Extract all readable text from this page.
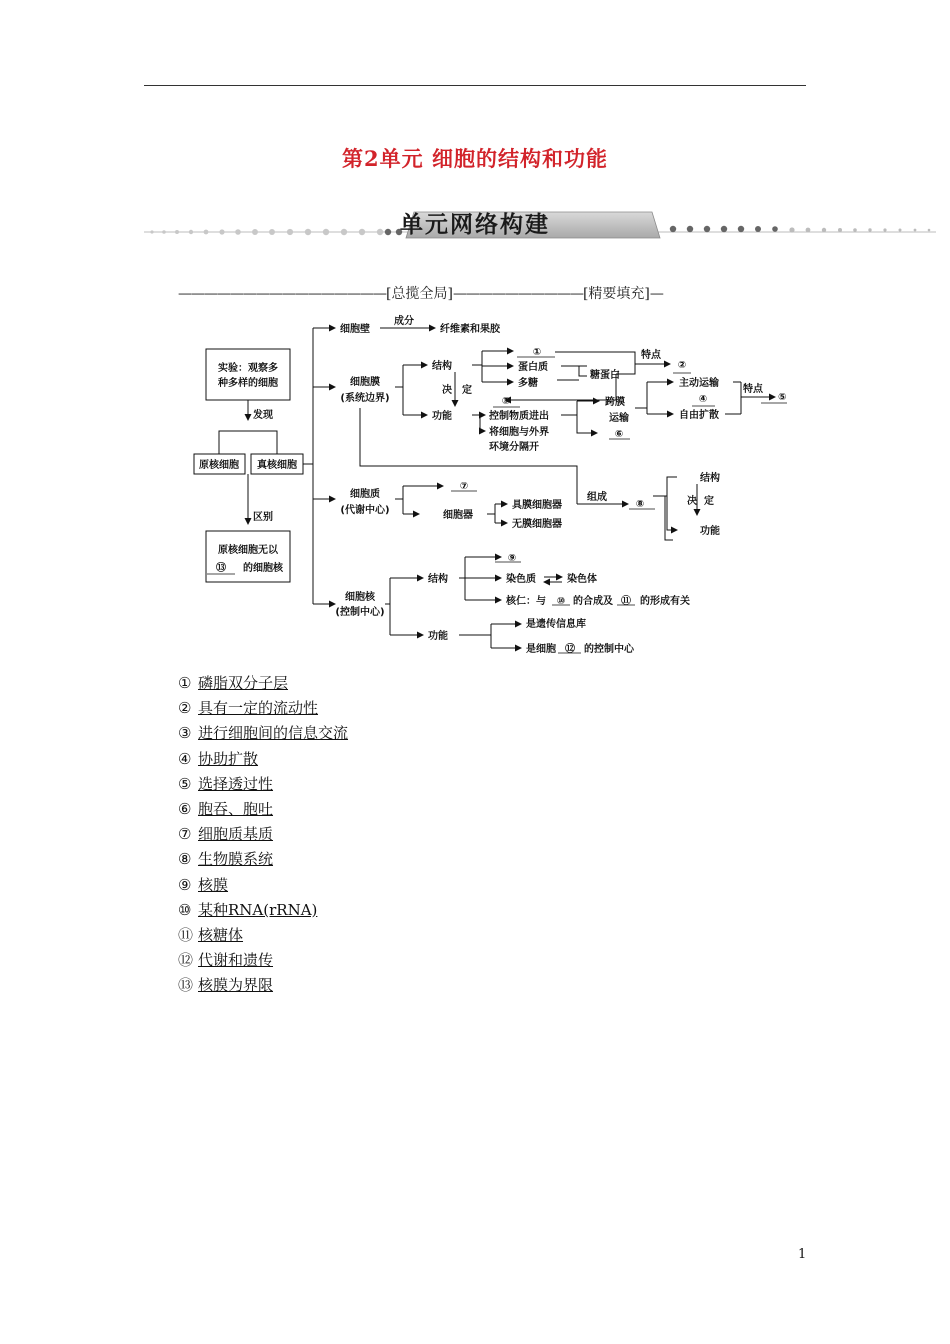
第2单元 细胞的结构和功能
单元网络构建
————————————————[总揽全局]——————————[精要填充]—
实验：观察多
种多样的细胞
发现
原核细胞 真核细胞
区别
原核细胞无以
⑬ 的细胞核
细胞壁
成分
纤维素和果胶
细胞膜
(系统边界)
结构
决 定
功能
①
蛋白质
多糖
糖蛋白
特点
②
③
控制物质进出
将细胞与外界
环境分隔开
跨膜
运输
⑥
主动运输
④
自由扩散
特点
⑤
细胞质
(代谢中心)
⑦
细胞器
具膜细胞器
无膜细胞器
组成
⑧
结构
决 定
功能
细胞核
(控制中心)
结构
⑨
染色质	染色体
核仁：与 ⑩ 的合成及 ⑪ 的形成有关
功能
是遗传信息库
是细胞 ⑫ 的控制中心
① 磷脂双分子层
② 具有一定的流动性
③ 进行细胞间的信息交流
④ 协助扩散
⑤ 选择透过性
⑥ 胞吞、胞吐
⑦ 细胞质基质
⑧ 生物膜系统
⑨ 核膜
⑩ 某种RNA(rRNA)
⑪ 核糖体
⑫ 代谢和遗传
⑬ 核膜为界限
1
